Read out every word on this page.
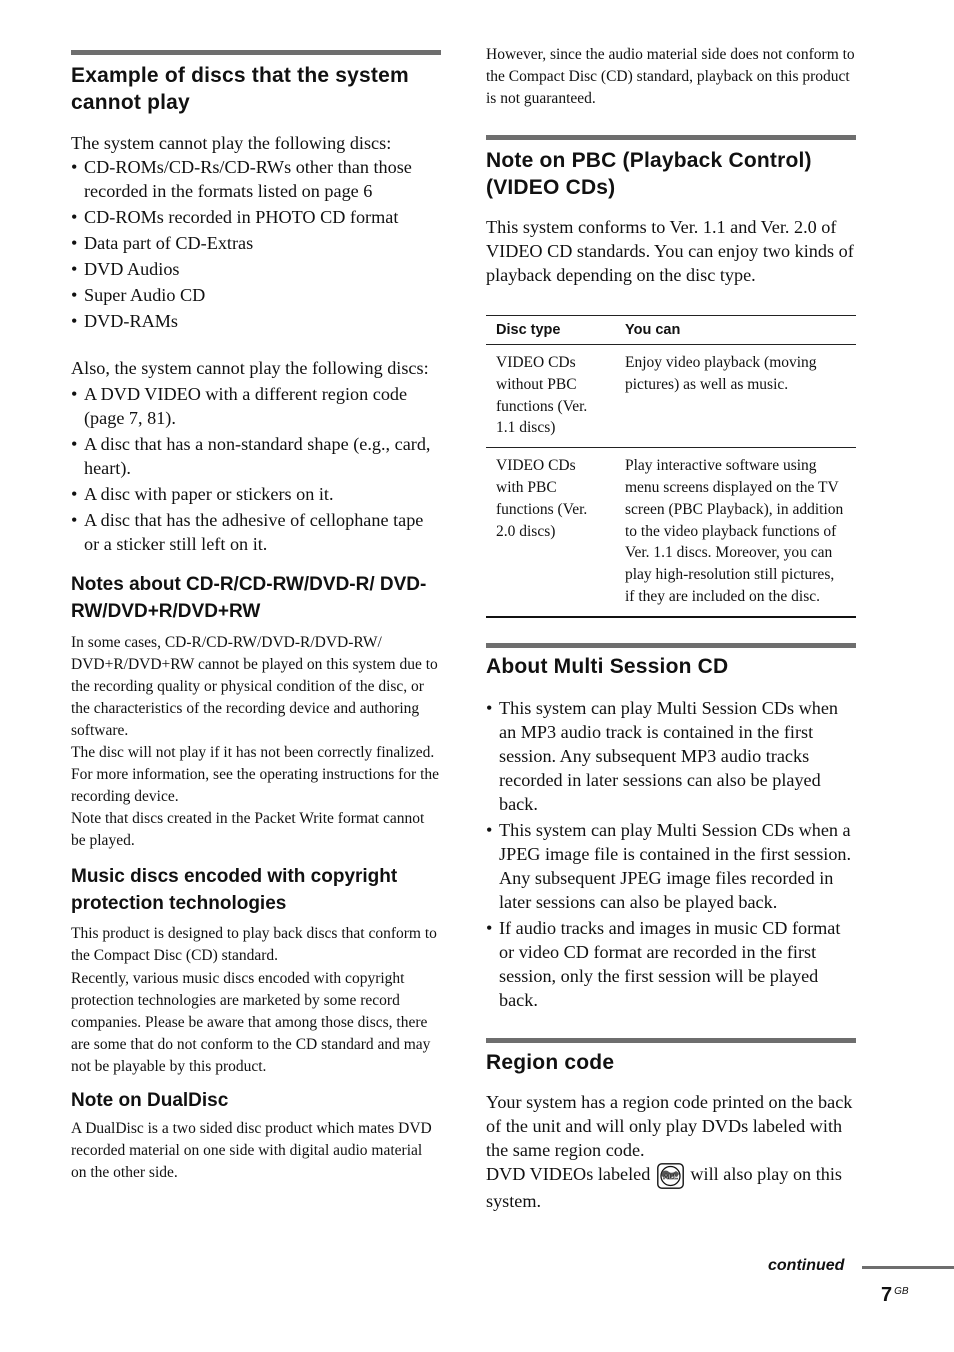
Example of discs that the system cannot play

The system cannot play the following discs:

• CD-ROMs/CD-Rs/CD-RWs other than those recorded in the formats listed on page 6
• CD-ROMs recorded in PHOTO CD format
• Data part of CD-Extras
• DVD Audios
• Super Audio CD
• DVD-RAMs

Also, the system cannot play the following discs:

• A DVD VIDEO with a different region code (page 7, 81).
• A disc that has a non-standard shape (e.g., card, heart).
• A disc with paper or stickers on it.
• A disc that has the adhesive of cellophane tape or a sticker still left on it.
Notes about CD-R/CD-RW/DVD-R/ DVD-RW/DVD+R/DVD+RW

In some cases, CD-R/CD-RW/DVD-R/DVD-RW/ DVD+R/DVD+RW cannot be played on this system due to the recording quality or physical condition of the disc, or the characteristics of the recording device and authoring software.

The disc will not play if it has not been correctly finalized. For more information, see the operating instructions for the recording device.

Note that discs created in the Packet Write format cannot be played.

Music discs encoded with copyright protection technologies

This product is designed to play back discs that conform to the Compact Disc (CD) standard.

Recently, various music discs encoded with copyright protection technologies are marketed by some record companies. Please be aware that among those discs, there are some that do not conform to the CD standard and may not be playable by this product.

Note on DualDisc

A DualDisc is a two sided disc product which mates DVD recorded material on one side with digital audio material on the other side.

However, since the audio material side does not conform to the Compact Disc (CD) standard, playback on this product is not guaranteed.

Note on PBC (Playback Control) (VIDEO CDs)

This system conforms to Ver. 1.1 and Ver. 2.0 of VIDEO CD standards. You can enjoy two kinds of playback depending on the disc type.

Disc type	You can
VIDEO CDs without PBC functions (Ver. 1.1 discs)	Enjoy video playback (moving pictures) as well as music.
VIDEO CDs with PBC functions (Ver. 2.0 discs)	Play interactive software using menu screens displayed on the TV screen (PBC Playback), in addition to the video playback functions of Ver. 1.1 discs. Moreover, you can play high-resolution still pictures, if they are included on the disc.
About Multi Session CD
• This system can play Multi Session CDs when an MP3 audio track is contained in the first session. Any subsequent MP3 audio tracks recorded in later sessions can also be played back.
• This system can play Multi Session CDs when a JPEG image file is contained in the first session. Any subsequent JPEG image files recorded in later sessions can also be played back.
• If audio tracks and images in music CD format or video CD format are recorded in the first session, only the first session will be played back.
Region code

Your system has a region code printed on the back of the unit and will only play DVDs labeled with the same region code.

DVD VIDEOs labeled ALL will also play on this system.

continued
7 $^{GB}$
